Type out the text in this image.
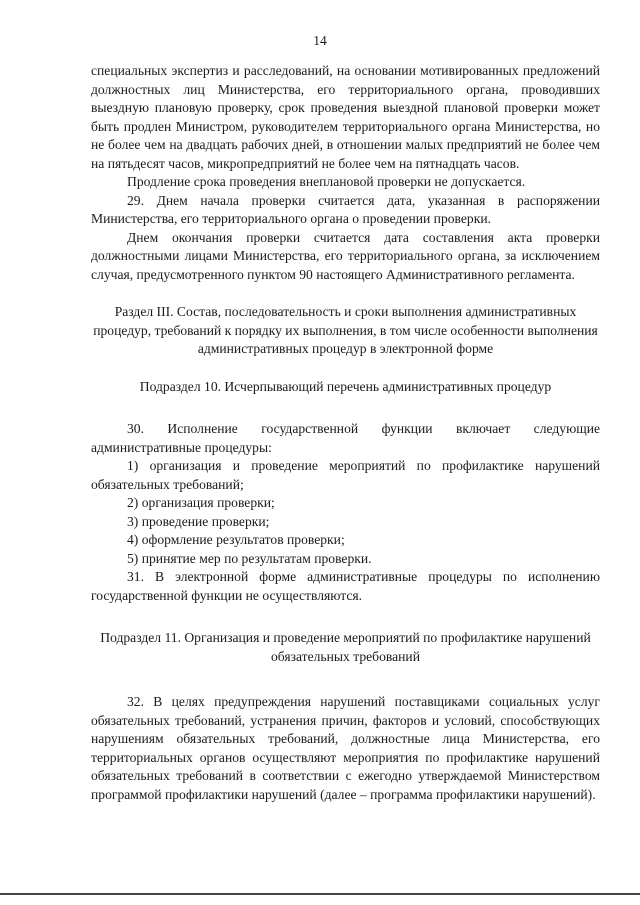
14

специальных экспертиз и расследований, на основании мотивированных предложений должностных лиц Министерства, его территориального органа, проводивших выездную плановую проверку, срок проведения выездной плановой проверки может быть продлен Министром, руководителем территориального органа Министерства, но не более чем на двадцать рабочих дней, в отношении малых предприятий не более чем на пятьдесят часов, микропредприятий не более чем на пятнадцать часов.

Продление срока проведения внеплановой проверки не допускается.

29. Днем начала проверки считается дата, указанная в распоряжении Министерства, его территориального органа о проведении проверки.

Днем окончания проверки считается дата составления акта проверки должностными лицами Министерства, его территориального органа, за исключением случая, предусмотренного пунктом 90 настоящего Административного регламента.

Раздел III. Состав, последовательность и сроки выполнения административных процедур, требований к порядку их выполнения, в том числе особенности выполнения административных процедур в электронной форме

Подраздел 10. Исчерпывающий перечень административных процедур

30. Исполнение государственной функции включает следующие административные процедуры:

1) организация и проведение мероприятий по профилактике нарушений обязательных требований;

2) организация проверки;

3) проведение проверки;

4) оформление результатов проверки;

5) принятие мер по результатам проверки.

31. В электронной форме административные процедуры по исполнению государственной функции не осуществляются.

Подраздел 11. Организация и проведение мероприятий по профилактике нарушений обязательных требований

32. В целях предупреждения нарушений поставщиками социальных услуг обязательных требований, устранения причин, факторов и условий, способствующих нарушениям обязательных требований, должностные лица Министерства, его территориальных органов осуществляют мероприятия по профилактике нарушений обязательных требований в соответствии с ежегодно утверждаемой Министерством программой профилактики нарушений (далее – программа профилактики нарушений).
